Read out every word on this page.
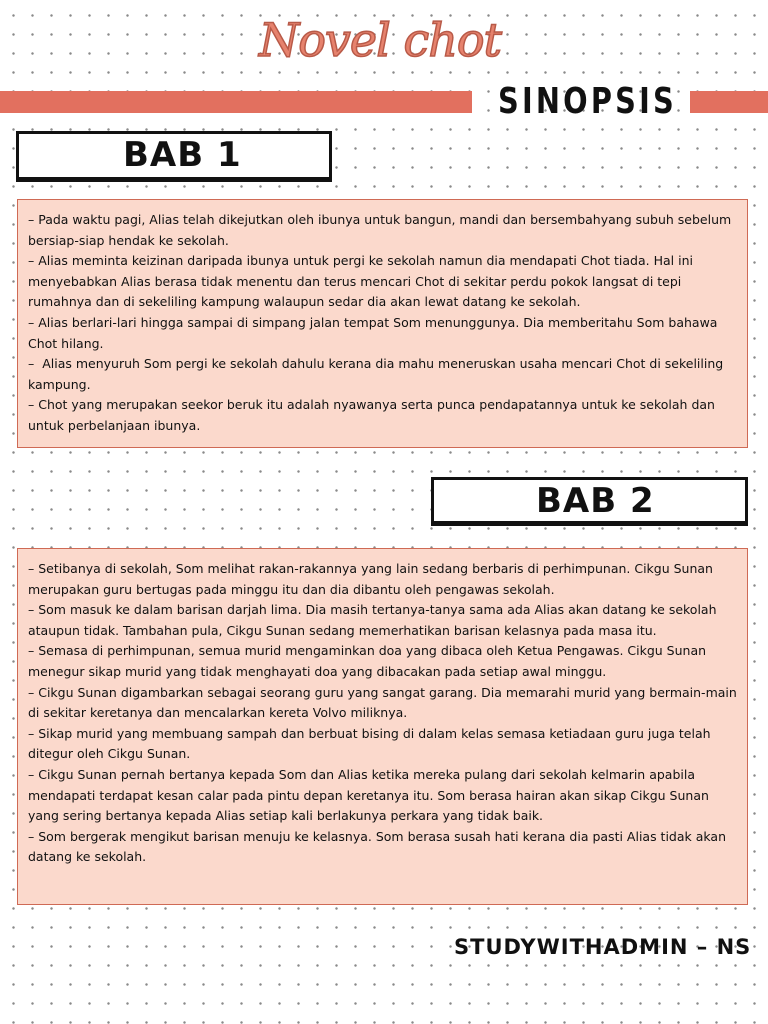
Novel chot
SINOPSIS
BAB 1

– Pada waktu pagi, Alias telah dikejutkan oleh ibunya untuk bangun, mandi dan bersembahyang subuh sebelum bersiap-siap hendak ke sekolah.
– Alias meminta keizinan daripada ibunya untuk pergi ke sekolah namun dia mendapati Chot tiada. Hal ini menyebabkan Alias berasa tidak menentu dan terus mencari Chot di sekitar perdu pokok langsat di tepi rumahnya dan di sekeliling kampung walaupun sedar dia akan lewat datang ke sekolah.
– Alias berlari-lari hingga sampai di simpang jalan tempat Som menunggunya. Dia memberitahu Som bahawa Chot hilang.
–  Alias menyuruh Som pergi ke sekolah dahulu kerana dia mahu meneruskan usaha mencari Chot di sekeliling kampung.
– Chot yang merupakan seekor beruk itu adalah nyawanya serta punca pendapatannya untuk ke sekolah dan untuk perbelanjaan ibunya.

BAB 2

– Setibanya di sekolah, Som melihat rakan-rakannya yang lain sedang berbaris di perhimpunan. Cikgu Sunan merupakan guru bertugas pada minggu itu dan dia dibantu oleh pengawas sekolah.
– Som masuk ke dalam barisan darjah lima. Dia masih tertanya-tanya sama ada Alias akan datang ke sekolah ataupun tidak. Tambahan pula, Cikgu Sunan sedang memerhatikan barisan kelasnya pada masa itu.
– Semasa di perhimpunan, semua murid mengaminkan doa yang dibaca oleh Ketua Pengawas. Cikgu Sunan menegur sikap murid yang tidak menghayati doa yang dibacakan pada setiap awal minggu.
– Cikgu Sunan digambarkan sebagai seorang guru yang sangat garang. Dia memarahi murid yang bermain-main di sekitar keretanya dan mencalarkan kereta Volvo miliknya.
– Sikap murid yang membuang sampah dan berbuat bising di dalam kelas semasa ketiadaan guru juga telah ditegur oleh Cikgu Sunan.
– Cikgu Sunan pernah bertanya kepada Som dan Alias ketika mereka pulang dari sekolah kelmarin apabila mendapati terdapat kesan calar pada pintu depan keretanya itu. Som berasa hairan akan sikap Cikgu Sunan yang sering bertanya kepada Alias setiap kali berlakunya perkara yang tidak baik.
– Som bergerak mengikut barisan menuju ke kelasnya. Som berasa susah hati kerana dia pasti Alias tidak akan datang ke sekolah.

STUDYWITHADMIN – NS
